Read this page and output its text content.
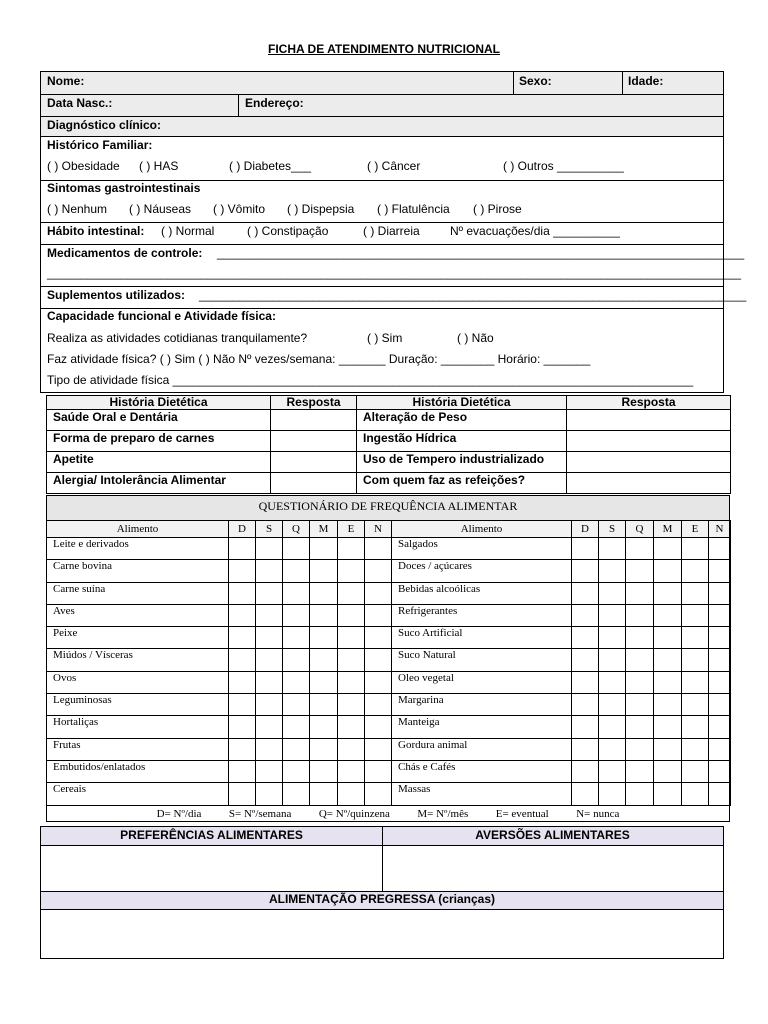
FICHA DE ATENDIMENTO NUTRICIONAL
Nome:	Sexo:	Idade:
Data Nasc.:	Endereço:
Diagnóstico clínico:
Histórico Familiar:
( ) Obesidade ( ) HAS	( ) Diabetes___	( ) Câncer	( ) Outros __________
Sintomas gastrointestinais
( ) Nenhum ( ) Náuseas ( ) Vômito ( ) Dispepsia ( ) Flatulência ( ) Pirose
Hábito intestinal: ( ) Normal	( ) Constipação	( ) Diarreia	Nº evacuações/dia __________
Medicamentos de controle: _______________________________________________________________________________
________________________________________________________________________________________________________
Suplementos utilizados: __________________________________________________________________________________
Capacidade funcional e Atividade física:
Realiza as atividades cotidianas tranquilamente?	( ) Sim	( ) Não
Faz atividade física? ( ) Sim ( ) Não Nº vezes/semana: _______ Duração: ________ Horário: _______
Tipo de atividade física ______________________________________________________________________________
História Dietética	Resposta	História Dietética	Resposta
Saúde Oral e Dentária		Alteração de Peso	
Forma de preparo de carnes		Ingestão Hídrica	
Apetite		Uso de Tempero industrializado	
Alergia/ Intolerância Alimentar		Com quem faz as refeições?	
QUESTIONÁRIO DE FREQUÊNCIA ALIMENTAR
Alimento	D	S	Q	M	E	N	Alimento	D	S	Q	M	E	N
Leite e derivados							Salgados						
Carne bovina							Doces / açúcares						
Carne suína							Bebidas alcoólicas						
Aves							Refrigerantes						
Peixe							Suco Artificial						
Miúdos / Vísceras							Suco Natural						
Ovos							Oleo vegetal						
Leguminosas							Margarina						
Hortaliças							Manteiga						
Frutas							Gordura animal						
Embutidos/enlatados							Chás e Cafés						
Cereais							Massas						
D= Nº/dia	S= Nº/semana	Q= Nº/quinzena	M= Nº/mês	E= eventual	N= nunca
PREFERÊNCIAS ALIMENTARES	AVERSÕES ALIMENTARES
ALIMENTAÇÃO PREGRESSA (crianças)
